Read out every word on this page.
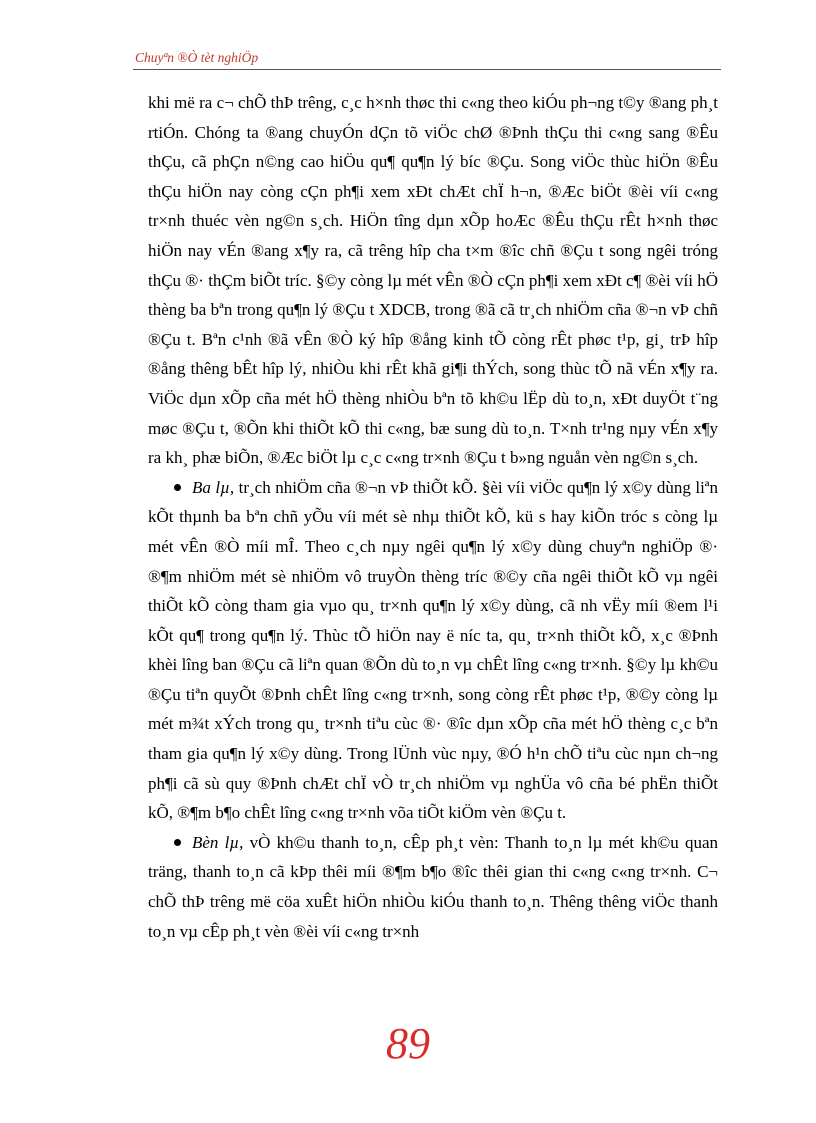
Chuyªn ®Ò tèt nghiÖp

khi më ra c¬ chÕ thÞ trêng, c¸c h×nh thøc thi c«ng theo kiÓu ph¬ng t©y ®ang ph¸t rtiÓn. Chóng ta ®ang chuyÓn dÇn tõ viÖc chØ ®Þnh thÇu thi c«ng sang ®Êu thÇu, cã phÇn n©ng cao hiÖu qu¶ qu¶n lý bíc ®Çu. Song viÖc thùc hiÖn ®Êu thÇu hiÖn nay còng cÇn ph¶i xem xÐt chÆt chÏ h¬n, ®Æc biÖt ®èi víi c«ng tr×nh thuéc vèn ng©n s¸ch. HiÖn tîng dµn xÕp hoÆc ®Êu thÇu rÊt h×nh thøc hiÖn nay vÉn ®ang x¶y ra, cã trêng hîp cha t×m ®îc chñ ®Çu t song ngêi tróng thÇu ®· thÇm biÕt tríc. §©y còng lµ mét vÊn ®Ò cÇn ph¶i xem xÐt c¶ ®èi víi hÖ thèng ba bªn trong qu¶n lý ®Çu t XDCB, trong ®ã cã tr¸ch nhiÖm cña ®¬n vÞ chñ ®Çu t. Bªn c¹nh ®ã vÊn ®Ò ký hîp ®ång kinh tÕ còng rÊt phøc t¹p, gi¸ trÞ hîp ®ång thêng bÊt hîp lý, nhiÒu khi rÊt khã gi¶i thÝch, song thùc tÕ nã vÉn x¶y ra. ViÖc dµn xÕp cña mét hÖ thèng nhiÒu bªn tõ kh©u lËp dù to¸n, xÐt duyÖt t¨ng møc ®Çu t, ®Õn khi thiÕt kÕ thi c«ng, bæ sung dù to¸n. T×nh tr¹ng nµy vÉn x¶y ra kh¸ phæ biÕn, ®Æc biÖt lµ c¸c c«ng tr×nh ®Çu t b»ng nguån vèn ng©n s¸ch.

Ba lµ, tr¸ch nhiÖm cña ®¬n vÞ thiÕt kÕ. §èi víi viÖc qu¶n lý x©y dùng liªn kÕt thµnh ba bªn chñ yÕu víi mét sè nhµ thiÕt kÕ, kü s hay kiÕn tróc s còng lµ mét vÊn ®Ò míi mÎ. Theo c¸ch nµy ngêi qu¶n lý x©y dùng chuyªn nghiÖp ®· ®¶m nhiÖm mét sè nhiÖm vô truyÒn thèng tríc ®©y cña ngêi thiÕt kÕ vµ ngêi thiÕt kÕ còng tham gia vµo qu¸ tr×nh qu¶n lý x©y dùng, cã nh vËy míi ®em l¹i kÕt qu¶ trong qu¶n lý. Thùc tÕ hiÖn nay ë níc ta, qu¸ tr×nh thiÕt kÕ, x¸c ®Þnh khèi lîng ban ®Çu cã liªn quan ®Õn dù to¸n vµ chÊt lîng c«ng tr×nh. §©y lµ kh©u ®Çu tiªn quyÕt ®Þnh chÊt lîng c«ng tr×nh, song còng rÊt phøc t¹p, ®©y còng lµ mét m¾t xÝch trong qu¸ tr×nh tiªu cùc ®· ®îc dµn xÕp cña mét hÖ thèng c¸c bªn tham gia qu¶n lý x©y dùng. Trong lÜnh vùc nµy, ®Ó h¹n chÕ tiªu cùc nµn ch¬ng ph¶i cã sù quy ®Þnh chÆt chÏ vÒ tr¸ch nhiÖm vµ nghÜa vô cña bé phËn thiÕt kÕ, ®¶m b¶o chÊt lîng c«ng tr×nh võa tiÕt kiÖm vèn ®Çu t.

Bèn lµ, vÒ kh©u thanh to¸n, cÊp ph¸t vèn: Thanh to¸n lµ mét kh©u quan träng, thanh to¸n cã kÞp thêi míi ®¶m b¶o ®îc thêi gian thi c«ng c«ng tr×nh. C¬ chÕ thÞ trêng më cöa xuÊt hiÖn nhiÒu kiÓu thanh to¸n. Thêng thêng viÖc thanh to¸n vµ cÊp ph¸t vèn ®èi víi c«ng tr×nh

89
